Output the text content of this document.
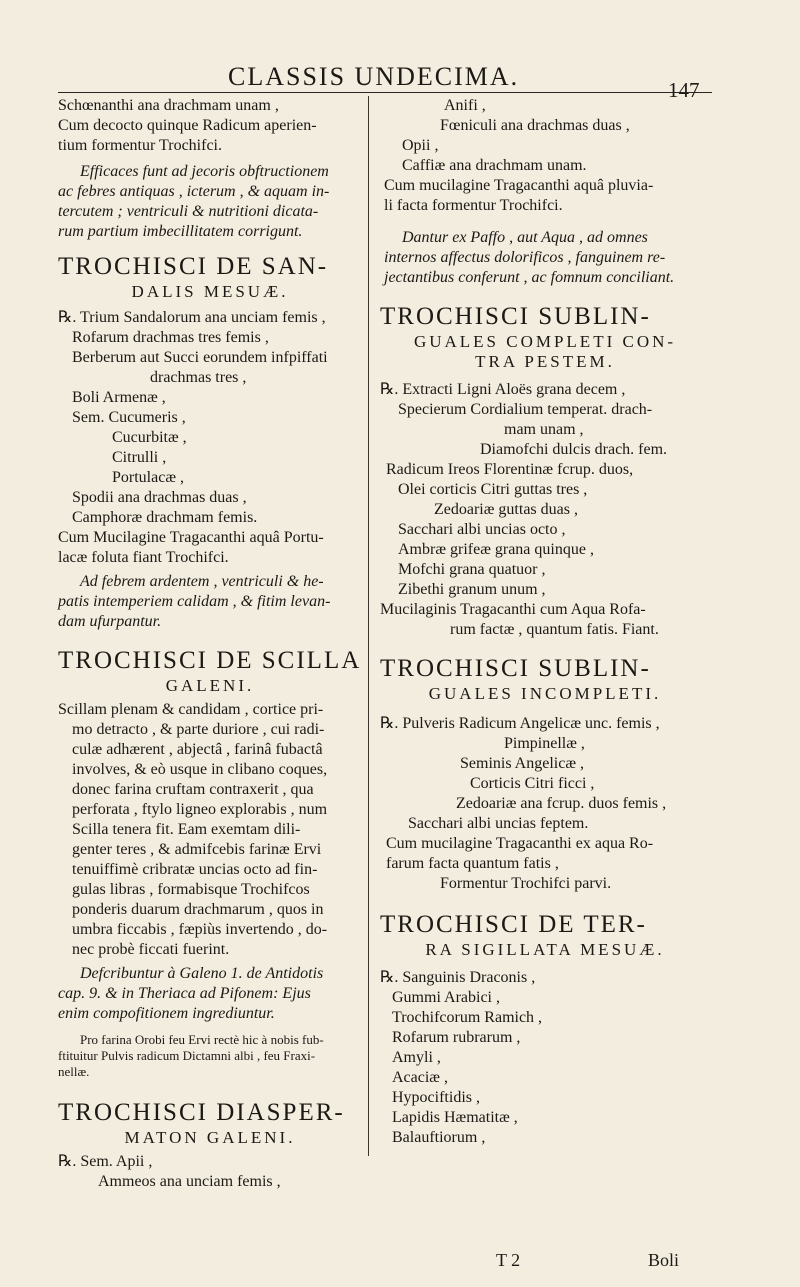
CLASSIS UNDECIMA.	147
Schœnanthi ana drachmam unam ,
Cum decocto quinque Radicum aperien-
tium formentur Trochifci.
Efficaces funt ad jecoris obftructionem
ac febres antiquas , icterum , & aquam in-
tercutem ; ventriculi & nutritioni dicata-
rum partium imbecillitatem corrigunt.
TROCHISCI DE SAN-
DALIS MESUÆ.
℞. Trium Sandalorum ana unciam femis ,
Rofarum drachmas tres femis ,
Berberum aut Succi eorundem infpiffati
drachmas tres ,
Boli Armenæ ,
Sem. Cucumeris ,
Cucurbitæ ,
Citrulli ,
Portulacæ ,
Spodii ana drachmas duas ,
Camphoræ drachmam femis.
Cum Mucilagine Tragacanthi aquâ Portu-
lacæ foluta fiant Trochifci.
Ad febrem ardentem , ventriculi & he-
patis intemperiem calidam , & fitim levan-
dam ufurpantur.
TROCHISCI DE SCILLA
GALENI.
Scillam plenam & candidam , cortice pri-
mo detracto , & parte duriore , cui radi-
culæ adhærent , abjectâ , farinâ fubactâ
involves, & eò usque in clibano coques,
donec farina cruftam contraxerit , qua
perforata , ftylo ligneo explorabis , num
Scilla tenera fit. Eam exemtam dili-
genter teres , & admifcebis farinæ Ervi
tenuiffimè cribratæ uncias octo ad fin-
gulas libras , formabisque Trochifcos
ponderis duarum drachmarum , quos in
umbra ficcabis , fæpiùs invertendo , do-
nec probè ficcati fuerint.
Defcribuntur à Galeno 1. de Antidotis
cap. 9. & in Theriaca ad Pifonem: Ejus
enim compofitionem ingrediuntur.
Pro farina Orobi feu Ervi rectè hic à nobis fub-
ftituitur Pulvis radicum Dictamni albi , feu Fraxi-
nellæ.
TROCHISCI DIASPER-
MATON GALENI.
℞. Sem. Apii ,
Ammeos ana unciam femis ,
Anifi ,
Fœniculi ana drachmas duas ,
Opii ,
Caffiæ ana drachmam unam.
Cum mucilagine Tragacanthi aquâ pluvia-
li facta formentur Trochifci.
Dantur ex Paffo , aut Aqua , ad omnes
internos affectus dolorificos , fanguinem re-
jectantibus conferunt , ac fomnum conciliant.
TROCHISCI SUBLIN-
GUALES COMPLETI CON-
TRA PESTEM.
℞. Extracti Ligni Aloës grana decem ,
Specierum Cordialium temperat. drach-
mam unam ,
Diamofchi dulcis drach. fem.
Radicum Ireos Florentinæ fcrup. duos,
Olei corticis Citri guttas tres ,
Zedoariæ guttas duas ,
Sacchari albi uncias octo ,
Ambræ grifeæ grana quinque ,
Mofchi grana quatuor ,
Zibethi granum unum ,
Mucilaginis Tragacanthi cum Aqua Rofa-
rum factæ , quantum fatis. Fiant.
TROCHISCI SUBLIN-
GUALES INCOMPLETI.
℞. Pulveris Radicum Angelicæ unc. femis ,
Pimpinellæ ,
Seminis Angelicæ ,
Corticis Citri ficci ,
Zedoariæ ana fcrup. duos femis ,
Sacchari albi uncias feptem.
Cum mucilagine Tragacanthi ex aqua Ro-
farum facta quantum fatis ,
Formentur Trochifci parvi.
TROCHISCI DE TER-
RA SIGILLATA MESUÆ.
℞. Sanguinis Draconis ,
Gummi Arabici ,
Trochifcorum Ramich ,
Rofarum rubrarum ,
Amyli ,
Acaciæ ,
Hypociftidis ,
Lapidis Hæmatitæ ,
Balauftiorum ,
T 2	Boli
